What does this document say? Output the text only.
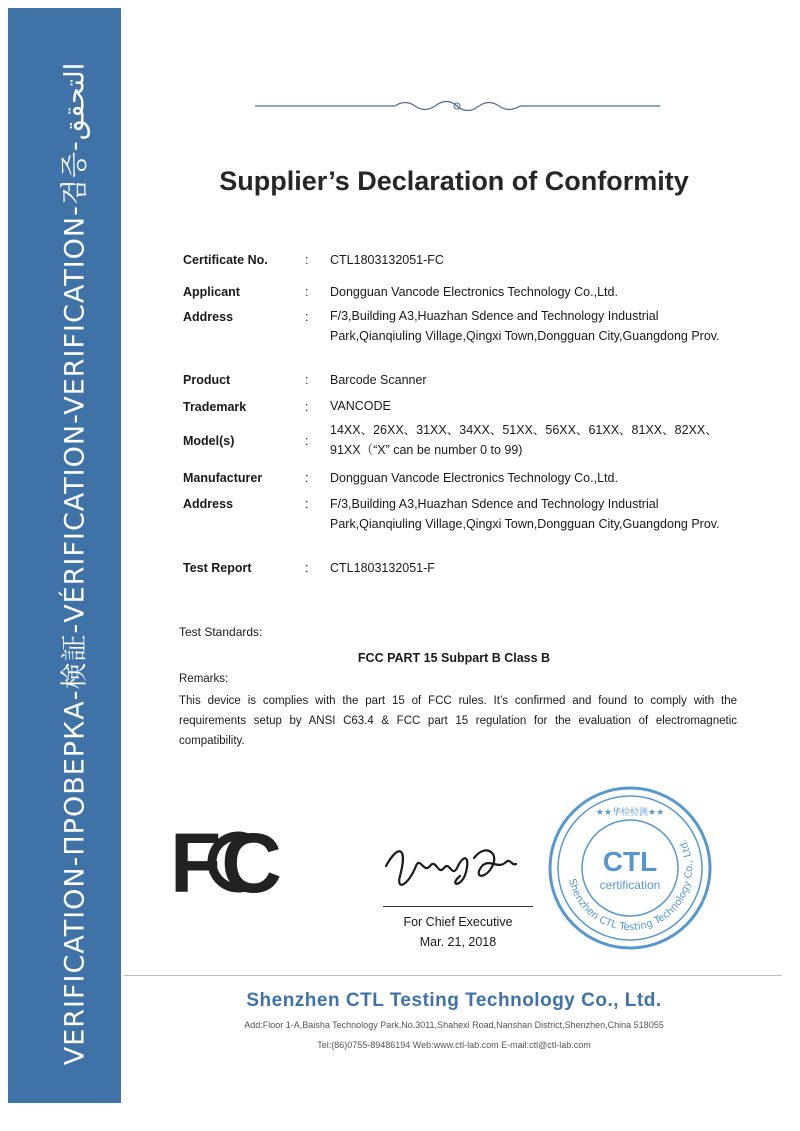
VERIFICATION-ПРОВЕРКА-検証-VÉRIFICATION-VERIFICATION-검증-التحقق
Supplier’s Declaration of Conformity
Certificate No.	:	CTL1803132051-FC
Applicant	:	Dongguan Vancode Electronics Technology Co.,Ltd.
Address	:	F/3,Building A3,Huazhan Sdence and Technology Industrial Park,Qianqiuling Village,Qingxi Town,Dongguan City,Guangdong Prov.
Product	:	Barcode Scanner
Trademark	:	VANCODE
Model(s)	:
14XX、26XX、31XX、34XX、51XX、56XX、61XX、81XX、82XX、91XX（“X” can be number 0 to 99)
Manufacturer	:	Dongguan Vancode Electronics Technology Co.,Ltd.
Address	:	F/3,Building A3,Huazhan Sdence and Technology Industrial Park,Qianqiuling Village,Qingxi Town,Dongguan City,Guangdong Prov.
Test Report	:	CTL1803132051-F
Test Standards:
FCC PART 15 Subpart B Class B
Remarks:
This device is complies with the part 15 of FCC rules. It’s confirmed and found to comply with the requirements setup by ANSI C63.4 & FCC part 15 regulation for the evaluation of electromagnetic compatibility.
FC
For Chief Executive
Mar. 21, 2018
Shenzhen CTL Testing Technology Co., Ltd.
★★华检检测★★
CTL
certification
Shenzhen CTL Testing Technology Co., Ltd.
Add:Floor 1-A,Baisha Technology Park,No.3011,Shahexi Road,Nanshan District,Shenzhen,China 518055
Tel:(86)0755-89486194 Web:www.ctl-lab.com E-mail:ctl@ctl-lab.com
